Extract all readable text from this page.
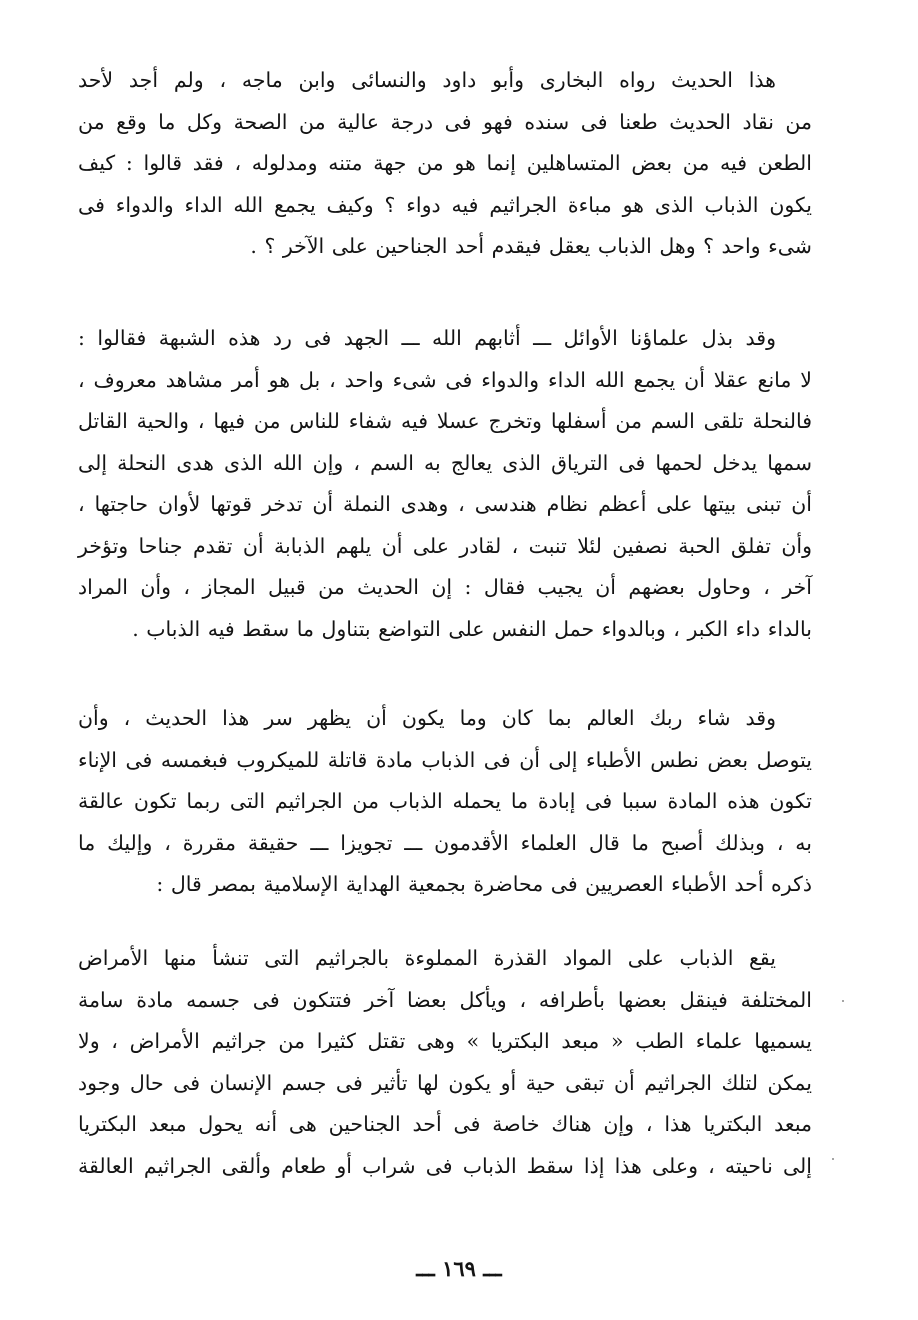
هذا الحديث رواه البخارى وأبو داود والنسائى وابن ماجه ، ولم أجد لأحد
من نقاد الحديث طعنا فى سنده فهو فى درجة عالية من الصحة وكل ما وقع من
الطعن فيه من بعض المتساهلين إنما هو من جهة متنه ومدلوله ، فقد قالوا : كيف
يكون الذباب الذى هو مباءة الجراثيم فيه دواء ؟ وكيف يجمع الله الداء والدواء فى
شىء واحد ؟ وهل الذباب يعقل فيقدم أحد الجناحين على الآخر ؟ .
وقد بذل علماؤنا الأوائل ـــ أثابهم الله ـــ الجهد فى رد هذه الشبهة فقالوا :
لا مانع عقلا أن يجمع الله الداء والدواء فى شىء واحد ، بل هو أمر مشاهد معروف ،
فالنحلة تلقى السم من أسفلها وتخرج عسلا فيه شفاء للناس من فيها ، والحية القاتل
سمها يدخل لحمها فى الترياق الذى يعالج به السم ، وإن الله الذى هدى النحلة إلى
أن تبنى بيتها على أعظم نظام هندسى ، وهدى النملة أن تدخر قوتها لأوان حاجتها ،
وأن تفلق الحبة نصفين لئلا تنبت ، لقادر على أن يلهم الذبابة أن تقدم جناحا وتؤخر
آخر ، وحاول بعضهم أن يجيب فقال : إن الحديث من قبيل المجاز ، وأن المراد
بالداء داء الكبر ، وبالدواء حمل النفس على التواضع بتناول ما سقط فيه الذباب .
وقد شاء ربك العالم بما كان وما يكون أن يظهر سر هذا الحديث ، وأن
يتوصل بعض نطس الأطباء إلى أن فى الذباب مادة قاتلة للميكروب فبغمسه فى الإناء
تكون هذه المادة سببا فى إبادة ما يحمله الذباب من الجراثيم التى ربما تكون عالقة
به ، وبذلك أصبح ما قال العلماء الأقدمون ـــ تجويزا ـــ حقيقة مقررة ، وإليك ما
ذكره أحد الأطباء العصريين فى محاضرة بجمعية الهداية الإسلامية بمصر قال :
يقع الذباب على المواد القذرة المملوءة بالجراثيم التى تنشأ منها الأمراض
المختلفة فينقل بعضها بأطرافه ، ويأكل بعضا آخر فتتكون فى جسمه مادة سامة
يسميها علماء الطب « مبعد البكتريا » وهى تقتل كثيرا من جراثيم الأمراض ، ولا
يمكن لتلك الجراثيم أن تبقى حية أو يكون لها تأثير فى جسم الإنسان فى حال وجود
مبعد البكتريا هذا ، وإن هناك خاصة فى أحد الجناحين هى أنه يحول مبعد البكتريا
إلى ناحيته ، وعلى هذا إذا سقط الذباب فى شراب أو طعام وألقى الجراثيم العالقة
ـــ ١٦٩ ـــ
